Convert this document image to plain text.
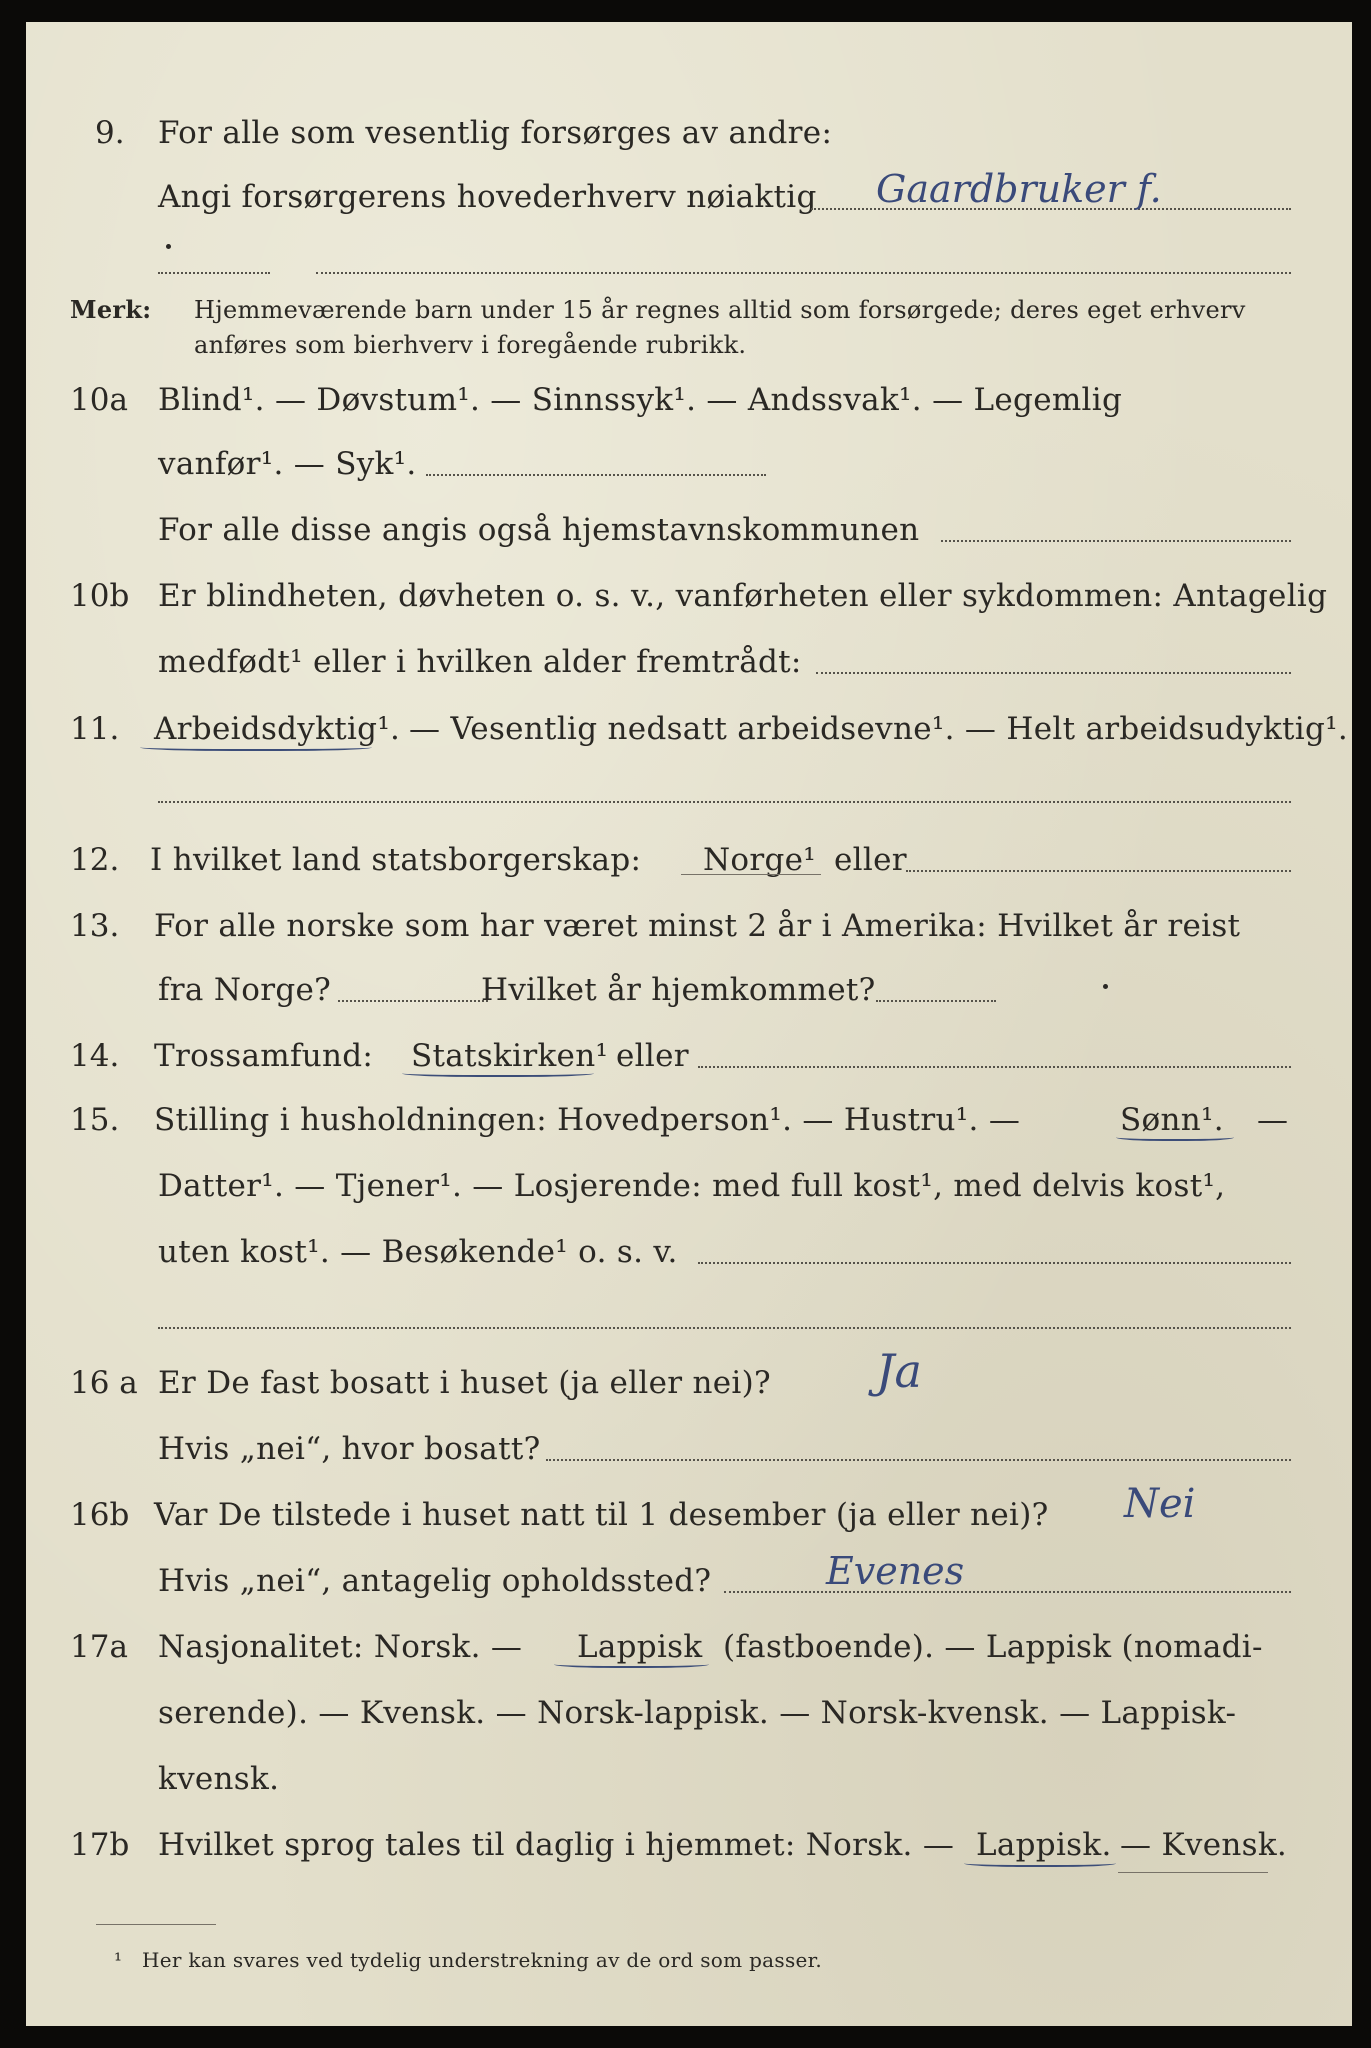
9. For alle som vesentlig forsørges av andre:
Angi forsørgerens hovederhverv nøiaktig Gaardbruker f.
Merk: Hjemmeværende barn under 15 år regnes alltid som forsørgede; deres eget erhverv
anføres som bierhverv i foregående rubrikk.
10a Blind¹. — Døvstum¹. — Sinnssyk¹. — Andssvak¹. — Legemlig
vanfør¹. — Syk¹.
For alle disse angis også hjemstavnskommunen
10b Er blindheten, døvheten o. s. v., vanførheten eller sykdommen: Antagelig
medfødt¹ eller i hvilken alder fremtrådt:
11. Arbeidsdyktig¹. — Vesentlig nedsatt arbeidsevne¹. — Helt arbeidsudyktig¹.
12. I hvilket land statsborgerskap: Norge¹ eller
13. For alle norske som har været minst 2 år i Amerika: Hvilket år reist
fra Norge?	Hvilket år hjemkommet?
14. Trossamfund: Statskirken¹ eller
15. Stilling i husholdningen: Hovedperson¹. — Hustru¹. —	Sønn¹. —
Datter¹. — Tjener¹. — Losjerende: med full kost¹, med delvis kost¹,
uten kost¹. — Besøkende¹ o. s. v.
16 a Er De fast bosatt i huset (ja eller nei)? Ja
Hvis „nei“, hvor bosatt?
16b Var De tilstede i huset natt til 1 desember (ja eller nei)? Nei
Hvis „nei“, antagelig opholdssted?	Evenes
17a Nasjonalitet: Norsk. — Lappisk (fastboende). — Lappisk (nomadi-
serende). — Kvensk. — Norsk-lappisk. — Norsk-kvensk. — Lappisk-
kvensk.
17b Hvilket sprog tales til daglig i hjemmet: Norsk. — Lappisk. — Kvensk.
¹ Her kan svares ved tydelig understrekning av de ord som passer.
